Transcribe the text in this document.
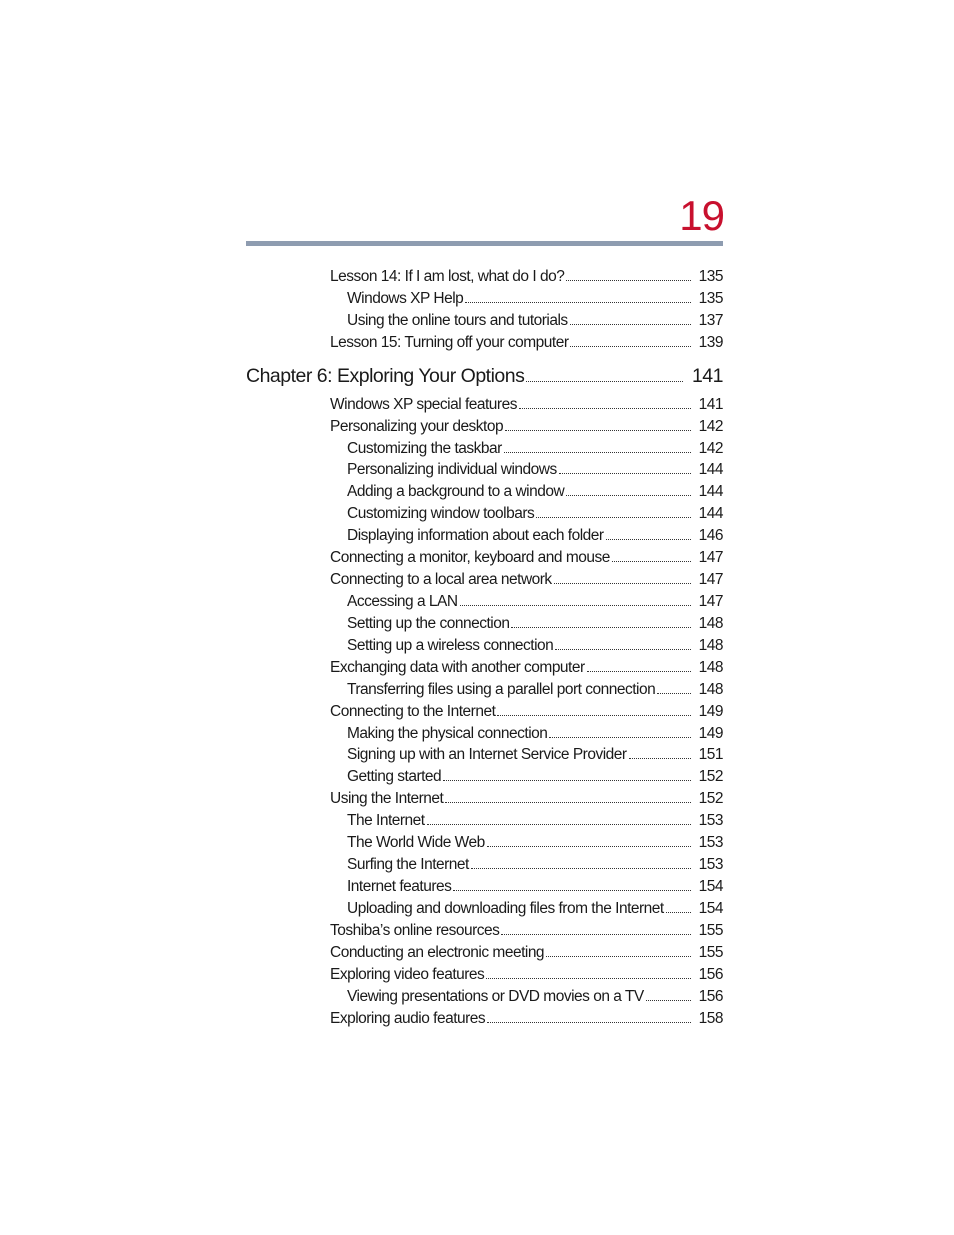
19
Lesson 14: If I am lost, what do I do?	135
Windows XP Help	135
Using the online tours and tutorials	137
Lesson 15: Turning off your computer	139
Chapter 6: Exploring Your Options	141
Windows XP special features	141
Personalizing your desktop	142
Customizing the taskbar	142
Personalizing individual windows	144
Adding a background to a window	144
Customizing window toolbars	144
Displaying information about each folder	146
Connecting a monitor, keyboard and mouse	147
Connecting to a local area network	147
Accessing a LAN	147
Setting up the connection	148
Setting up a wireless connection	148
Exchanging data with another computer	148
Transferring files using a parallel port connection	148
Connecting to the Internet	149
Making the physical connection	149
Signing up with an Internet Service Provider	151
Getting started	152
Using the Internet	152
The Internet	153
The World Wide Web	153
Surfing the Internet	153
Internet features	154
Uploading and downloading files from the Internet 154
Toshiba’s online resources	155
Conducting an electronic meeting	155
Exploring video features	156
Viewing presentations or DVD movies on a TV	156
Exploring audio features	158
